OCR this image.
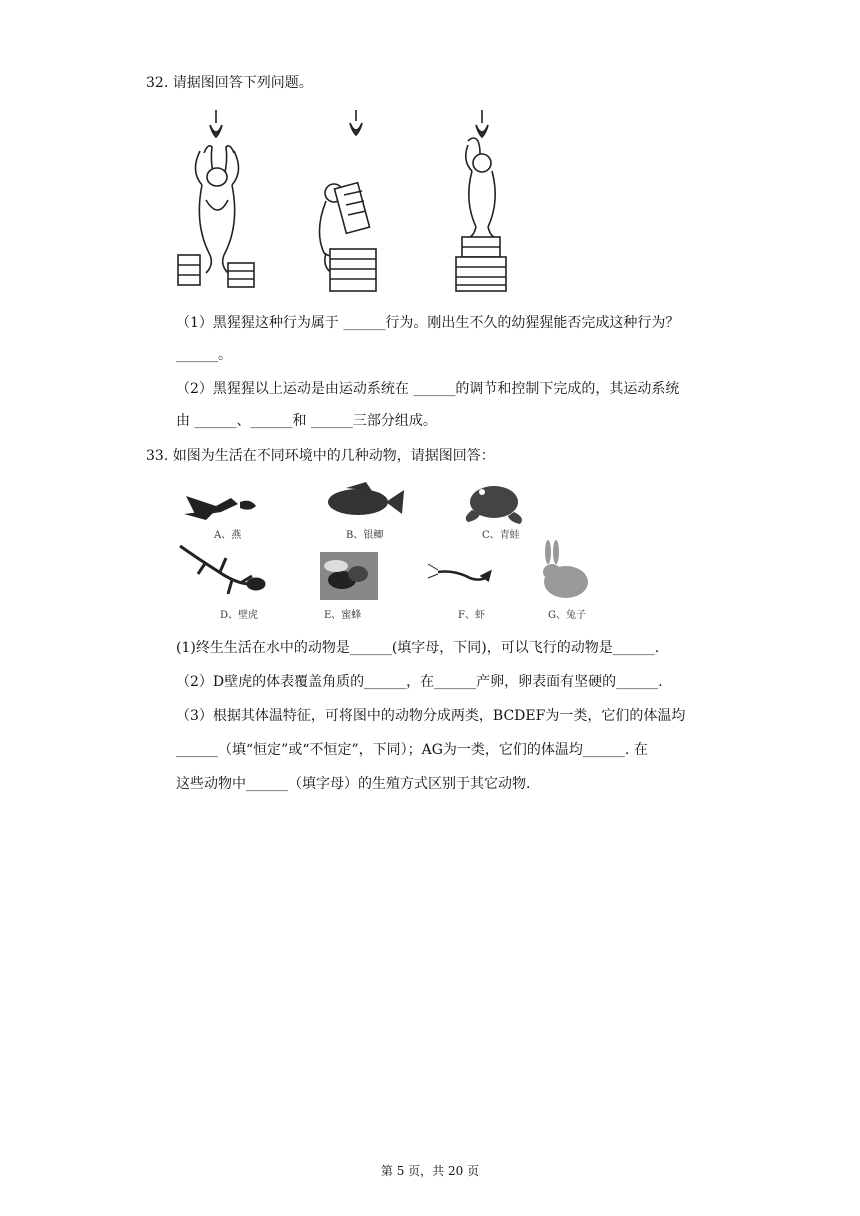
32. 请据图回答下列问题。
（1）黑猩猩这种行为属于 ______行为。刚出生不久的幼猩猩能否完成这种行为？
______。
（2）黑猩猩以上运动是由运动系统在 ______的调节和控制下完成的，其运动系统
由 ______、______和 ______三部分组成。
33. 如图为生活在不同环境中的几种动物，请据图回答：
A、燕	B、银鲫	C、青蛙
D、壁虎	E、蜜蜂	F、虾	G、兔子
(1)终生生活在水中的动物是______(填字母，下同)，可以飞行的动物是______.
（2）D壁虎的体表覆盖角质的______，在______产卵，卵表面有坚硬的______.
（3）根据其体温特征，可将图中的动物分成两类，BCDEF为一类，它们的体温均
______（填“恒定”或“不恒定”，下同）；AG为一类，它们的体温均______. 在
这些动物中______（填字母）的生殖方式区别于其它动物.
第 5 页，共 20 页
